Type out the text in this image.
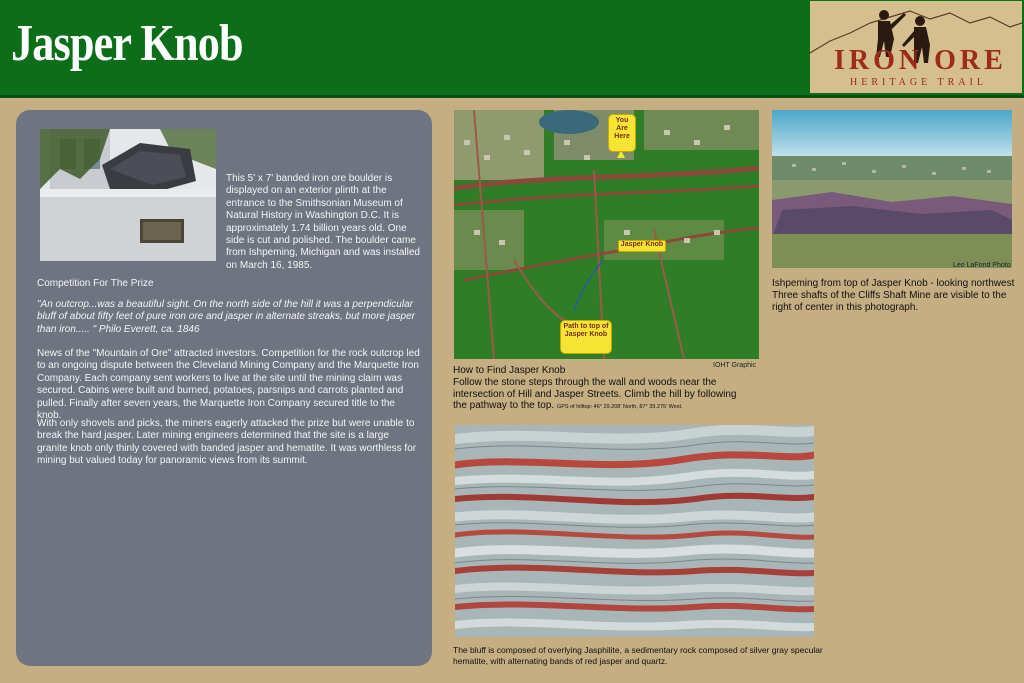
Jasper Knob	IRON ORE
HERITAGE TRAIL
This 5' x 7' banded iron ore boulder is displayed on an exterior plinth at the entrance to the Smithsonian Museum of Natural History in Washington D.C. It is approximately 1.74 billion years old. One side is cut and polished. The boulder came from Ishpeming, Michigan and was installed on March 16, 1985.
Competition For The Prize
"An outcrop...was a beautiful sight. On the north side of the hill it was a perpendicular bluff of about fifty feet of pure iron ore and jasper in alternate streaks, but more jasper than iron..... " Philo Everett, ca. 1846
News of the "Mountain of Ore" attracted investors. Competition for the rock outcrop led to an ongoing dispute between the Cleveland Mining Company and the Marquette Iron Company. Each company sent workers to live at the site until the mining claim was secured. Cabins were built and burned, potatoes, parsnips and carrots planted and pulled. Finally after seven years, the Marquette Iron Company secured title to the knob.
With only shovels and picks, the miners eagerly attacked the prize but were unable to break the hard jasper. Later mining engineers determined that the site is a large granite knob only thinly covered with banded jasper and hematite. It was worthless for mining but valued today for panoramic views from its summit.
You Are Here
Jasper Knob
Path to top of Jasper Knob
IOHT Graphic
How to Find Jasper Knob
Follow the stone steps through the wall and woods near the intersection of Hill and Jasper Streets. Climb the hill by following the pathway to the top. GPS of hilltop: 46° 29.208' North, 87° 39.275' West.
Leo LaFond Photo
Ishpeming from top of Jasper Knob - looking northwest Three shafts of the Cliffs Shaft Mine are visible to the right of center in this photograph.
The bluff is composed of overlying Jasphilite, a sedimentary rock composed of silver gray specular hematite, with alternating bands of red jasper and quartz.
